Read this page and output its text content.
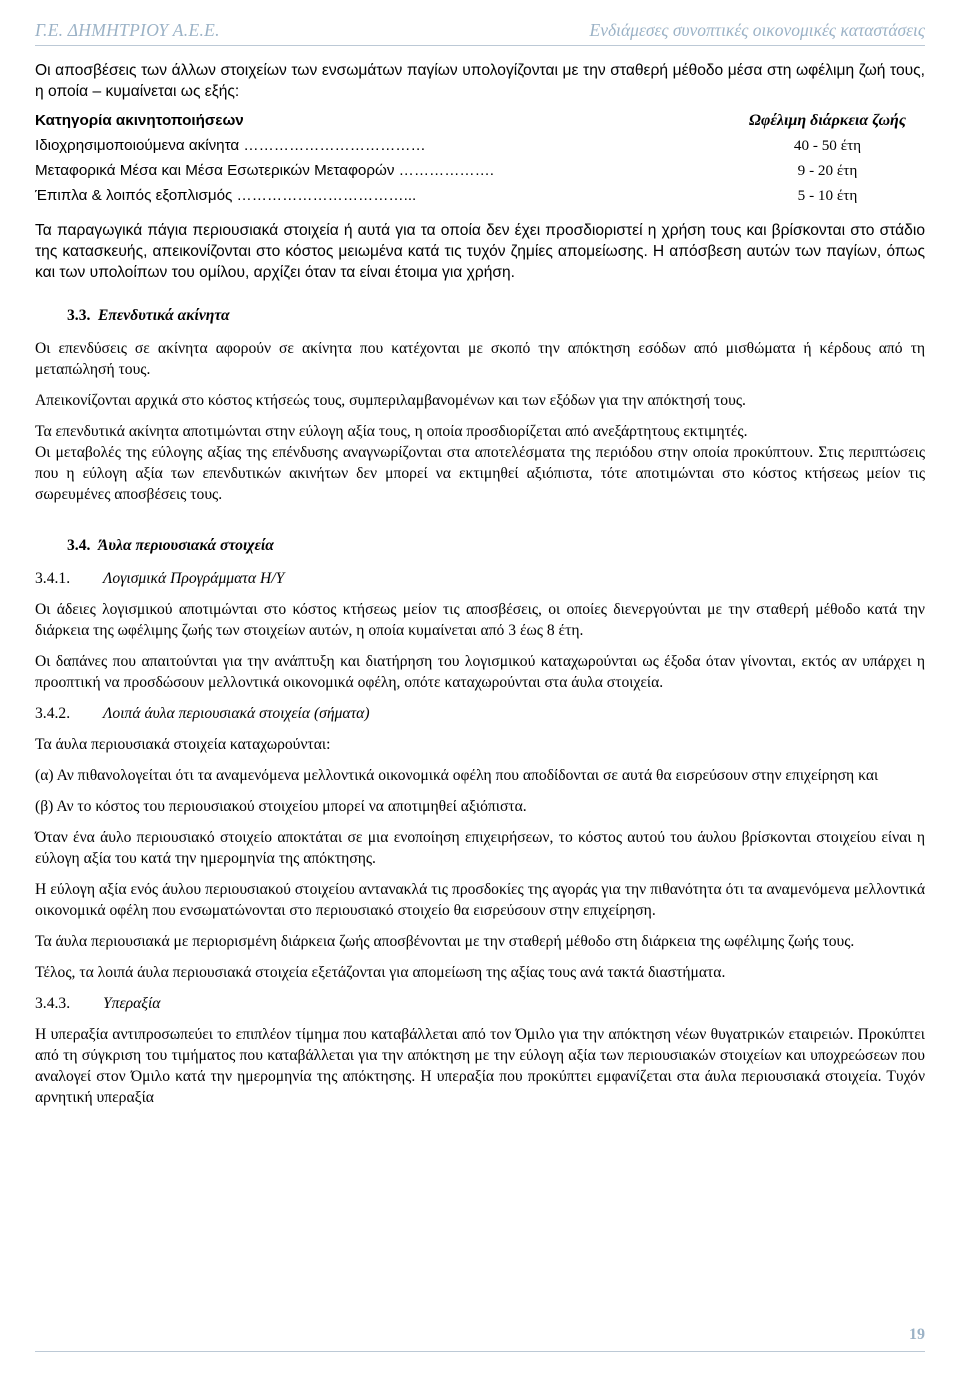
Γ.Ε. ΔΗΜΗΤΡΙΟΥ Α.Ε.Ε.	Ενδιάμεσες συνοπτικές οικονομικές καταστάσεις

Οι αποσβέσεις των άλλων στοιχείων των ενσωμάτων παγίων υπολογίζονται με την σταθερή μέθοδο μέσα στη ωφέλιμη ζωή τους, η οποία – κυμαίνεται ως εξής:

Κατηγορία ακινητοποιήσεων	Ωφέλιμη διάρκεια ζωής
Ιδιοχρησιμοποιούμενα ακίνητα ………………………………	40 - 50 έτη
Μεταφορικά Μέσα και Μέσα Εσωτερικών Μεταφορών ……………….	9 - 20 έτη
Έπιπλα & λοιπός εξοπλισμός ……………………………...	5 - 10 έτη

Τα παραγωγικά πάγια περιουσιακά στοιχεία ή αυτά για τα οποία δεν έχει προσδιοριστεί η χρήση τους και βρίσκονται στο στάδιο της κατασκευής, απεικονίζονται στο κόστος μειωμένα κατά τις τυχόν ζημίες απομείωσης. Η απόσβεση αυτών των παγίων, όπως και των υπολοίπων του ομίλου, αρχίζει όταν τα είναι έτοιμα για χρήση.

3.3. Επενδυτικά ακίνητα

Οι επενδύσεις σε ακίνητα αφορούν σε ακίνητα που κατέχονται με σκοπό την απόκτηση εσόδων από μισθώματα ή κέρδους από τη μεταπώλησή τους.

Απεικονίζονται αρχικά στο κόστος κτήσεώς τους, συμπεριλαμβανομένων και των εξόδων για την απόκτησή τους.

Τα επενδυτικά ακίνητα αποτιμώνται στην εύλογη αξία τους, η οποία προσδιορίζεται από ανεξάρτητους εκτιμητές.

Οι μεταβολές της εύλογης αξίας της επένδυσης αναγνωρίζονται στα αποτελέσματα της περιόδου στην οποία προκύπτουν. Στις περιπτώσεις που η εύλογη αξία των επενδυτικών ακινήτων δεν μπορεί να εκτιμηθεί αξιόπιστα, τότε αποτιμώνται στο κόστος κτήσεως μείον τις σωρευμένες αποσβέσεις τους.

3.4. Άυλα περιουσιακά στοιχεία
3.4.1. Λογισμικά Προγράμματα Η/Υ

Οι άδειες λογισμικού αποτιμώνται στο κόστος κτήσεως μείον τις αποσβέσεις, οι οποίες διενεργούνται με την σταθερή μέθοδο κατά την διάρκεια της ωφέλιμης ζωής των στοιχείων αυτών, η οποία κυμαίνεται από 3 έως 8 έτη.

Οι δαπάνες που απαιτούνται για την ανάπτυξη και διατήρηση του λογισμικού καταχωρούνται ως έξοδα όταν γίνονται, εκτός αν υπάρχει η προοπτική να προσδώσουν μελλοντικά οικονομικά οφέλη, οπότε καταχωρούνται στα άυλα στοιχεία.

3.4.2. Λοιπά άυλα περιουσιακά στοιχεία (σήματα)

Τα άυλα περιουσιακά στοιχεία καταχωρούνται:

(α) Αν πιθανολογείται ότι τα αναμενόμενα μελλοντικά οικονομικά οφέλη που αποδίδονται σε αυτά θα εισρεύσουν στην επιχείρηση και

(β) Αν το κόστος του περιουσιακού στοιχείου μπορεί να αποτιμηθεί αξιόπιστα.

Όταν ένα άυλο περιουσιακό στοιχείο αποκτάται σε μια ενοποίηση επιχειρήσεων, το κόστος αυτού του άυλου βρίσκονται στοιχείου είναι η εύλογη αξία του κατά την ημερομηνία της απόκτησης.

Η εύλογη αξία ενός άυλου περιουσιακού στοιχείου αντανακλά τις προσδοκίες της αγοράς για την πιθανότητα ότι τα αναμενόμενα μελλοντικά οικονομικά οφέλη που ενσωματώνονται στο περιουσιακό στοιχείο θα εισρεύσουν στην επιχείρηση.

Τα άυλα περιουσιακά με περιορισμένη διάρκεια ζωής αποσβένονται με την σταθερή μέθοδο στη διάρκεια της ωφέλιμης ζωής τους.

Τέλος, τα λοιπά άυλα περιουσιακά στοιχεία εξετάζονται για απομείωση της αξίας τους ανά τακτά διαστήματα.

3.4.3. Υπεραξία

Η υπεραξία αντιπροσωπεύει το επιπλέον τίμημα που καταβάλλεται από τον Όμιλο για την απόκτηση νέων θυγατρικών εταιρειών. Προκύπτει από τη σύγκριση του τιμήματος που καταβάλλεται για την απόκτηση με την εύλογη αξία των περιουσιακών στοιχείων και υποχρεώσεων που αναλογεί στον Όμιλο κατά την ημερομηνία της απόκτησης. Η υπεραξία που προκύπτει εμφανίζεται στα άυλα περιουσιακά στοιχεία. Τυχόν αρνητική υπεραξία

19
